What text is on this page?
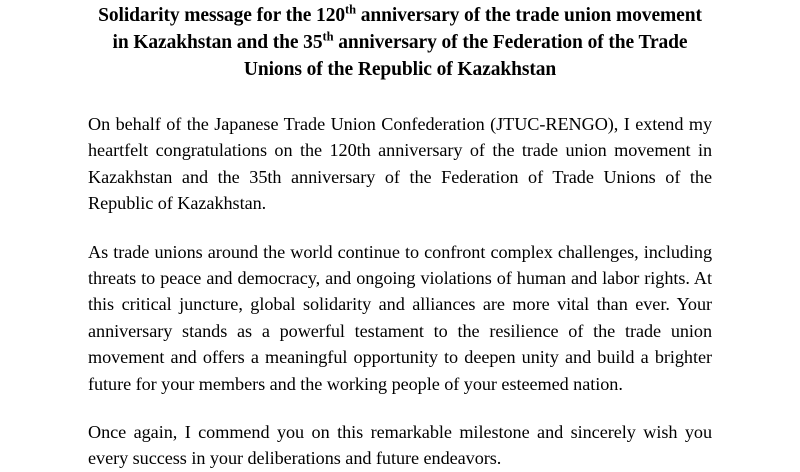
Solidarity message for the 120th anniversary of the trade union movement in Kazakhstan and the 35th anniversary of the Federation of the Trade Unions of the Republic of Kazakhstan

On behalf of the Japanese Trade Union Confederation (JTUC-RENGO), I extend my heartfelt congratulations on the 120th anniversary of the trade union movement in Kazakhstan and the 35th anniversary of the Federation of Trade Unions of the Republic of Kazakhstan.

As trade unions around the world continue to confront complex challenges, including threats to peace and democracy, and ongoing violations of human and labor rights. At this critical juncture, global solidarity and alliances are more vital than ever. Your anniversary stands as a powerful testament to the resilience of the trade union movement and offers a meaningful opportunity to deepen unity and build a brighter future for your members and the working people of your esteemed nation.

Once again, I commend you on this remarkable milestone and sincerely wish you every success in your deliberations and future endeavors.
